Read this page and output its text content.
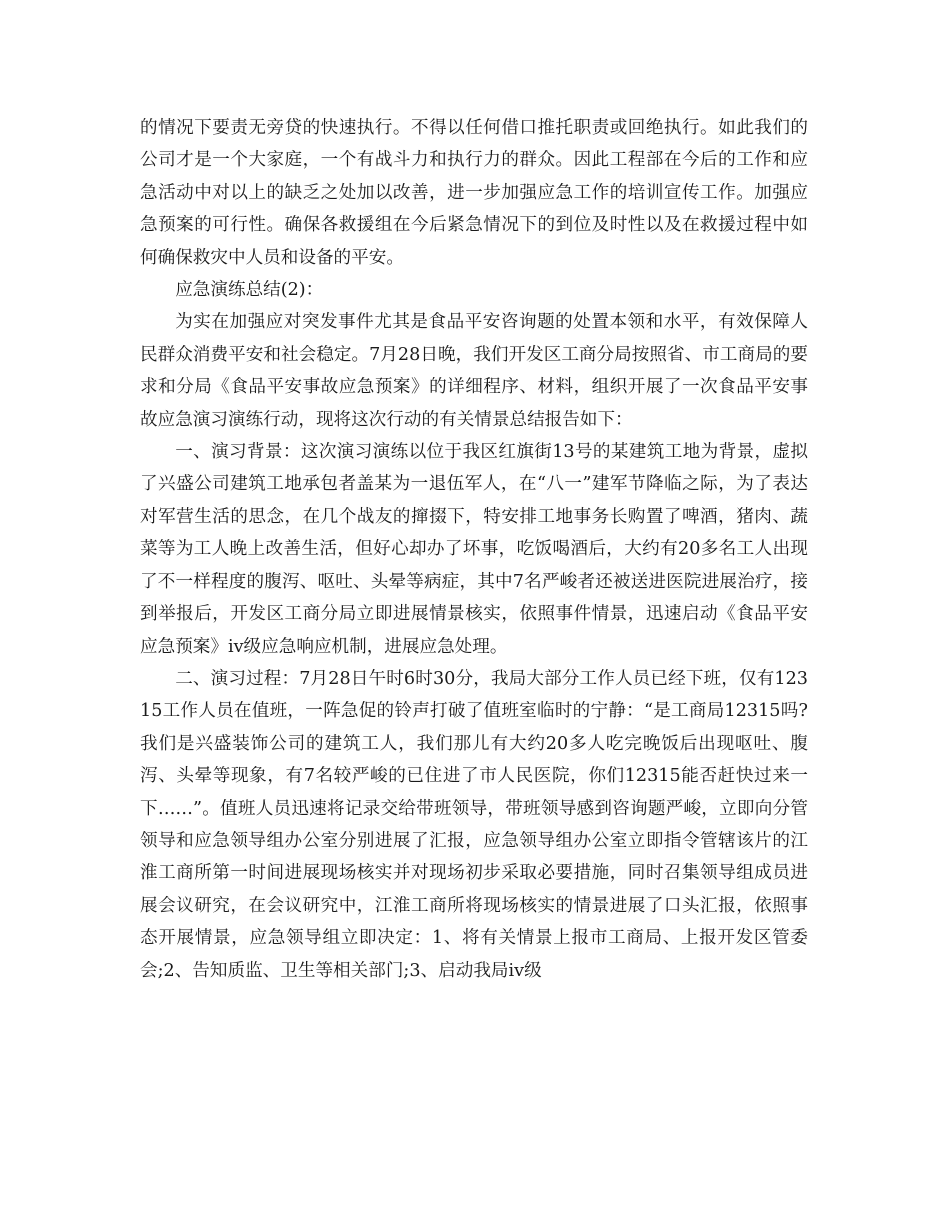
的情况下要责无旁贷的快速执行。不得以任何借口推托职责或回绝执行。如此我们的公司才是一个大家庭，一个有战斗力和执行力的群众。因此工程部在今后的工作和应急活动中对以上的缺乏之处加以改善，进一步加强应急工作的培训宣传工作。加强应急预案的可行性。确保各救援组在今后紧急情况下的到位及时性以及在救援过程中如何确保救灾中人员和设备的平安。

应急演练总结(2)：

为实在加强应对突发事件尤其是食品平安咨询题的处置本领和水平，有效保障人民群众消费平安和社会稳定。7月28日晚，我们开发区工商分局按照省、市工商局的要求和分局《食品平安事故应急预案》的详细程序、材料，组织开展了一次食品平安事故应急演习演练行动，现将这次行动的有关情景总结报告如下：

一、演习背景：这次演习演练以位于我区红旗街13号的某建筑工地为背景，虚拟了兴盛公司建筑工地承包者盖某为一退伍军人，在“八一”建军节降临之际，为了表达对军营生活的思念，在几个战友的撺掇下，特安排工地事务长购置了啤酒，猪肉、蔬菜等为工人晚上改善生活，但好心却办了坏事，吃饭喝酒后，大约有20多名工人出现了不一样程度的腹泻、呕吐、头晕等病症，其中7名严峻者还被送进医院进展治疗，接到举报后，开发区工商分局立即进展情景核实，依照事件情景，迅速启动《食品平安应急预案》iv级应急响应机制，进展应急处理。

二、演习过程：7月28日午时6时30分，我局大部分工作人员已经下班，仅有12315工作人员在值班，一阵急促的铃声打破了值班室临时的宁静：“是工商局12315吗?我们是兴盛装饰公司的建筑工人，我们那儿有大约20多人吃完晚饭后出现呕吐、腹泻、头晕等现象，有7名较严峻的已住进了市人民医院，你们12315能否赶快过来一下……”。值班人员迅速将记录交给带班领导，带班领导感到咨询题严峻，立即向分管领导和应急领导组办公室分别进展了汇报，应急领导组办公室立即指令管辖该片的江淮工商所第一时间进展现场核实并对现场初步采取必要措施，同时召集领导组成员进展会议研究，在会议研究中，江淮工商所将现场核实的情景进展了口头汇报，依照事态开展情景，应急领导组立即决定：1、将有关情景上报市工商局、上报开发区管委会;2、告知质监、卫生等相关部门;3、启动我局iv级
